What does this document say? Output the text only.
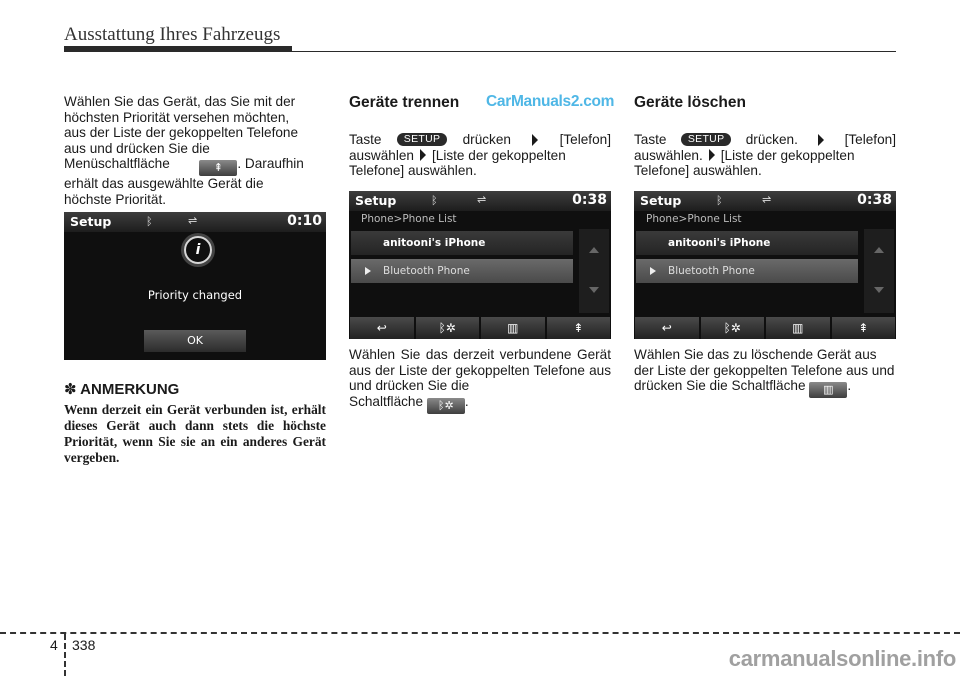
Ausstattung Ihres Fahrzeugs
Wählen Sie das Gerät, das Sie mit der
höchsten Priorität versehen möchten,
aus der Liste der gekoppelten Telefone

aus und drücken Sie die
Menüschaltfläche	⇞ . Daraufhin
erhält das ausgewählte Gerät die
höchste Priorität.
Setup	ᛒ	⇌	0:10
i
Priority changed
OK
✽ ANMERKUNG

Wenn derzeit ein Gerät verbunden ist, erhält dieses Gerät auch dann stets die höchste Priorität, wenn Sie sie an ein anderes Gerät vergeben.

Geräte trennen
Taste	SETUP	drücken	[Telefon]
auswählen [Liste der gekoppelten
Telefone] auswählen.
Setup	ᛒ	⇌	0:38
Phone>Phone List
anitooni's iPhone
Bluetooth Phone
↩	ᛒ✲	▥	⇞
Wählen Sie das derzeit verbundene Gerät aus der Liste der gekoppelten Telefone aus und drücken Sie die
Schaltfläche ᛒ✲ .
Geräte löschen
Taste	SETUP	drücken.	[Telefon]
auswählen. [Liste der gekoppelten
Telefone] auswählen.
Setup	ᛒ	⇌	0:38
Phone>Phone List
anitooni's iPhone
Bluetooth Phone
↩	ᛒ✲	▥	⇞
Wählen Sie das zu löschende Gerät aus der Liste der gekoppelten Telefone aus und drücken Sie die Schaltfläche ▥ .
CarManuals2.com
4 338
carmanualsonline.info
